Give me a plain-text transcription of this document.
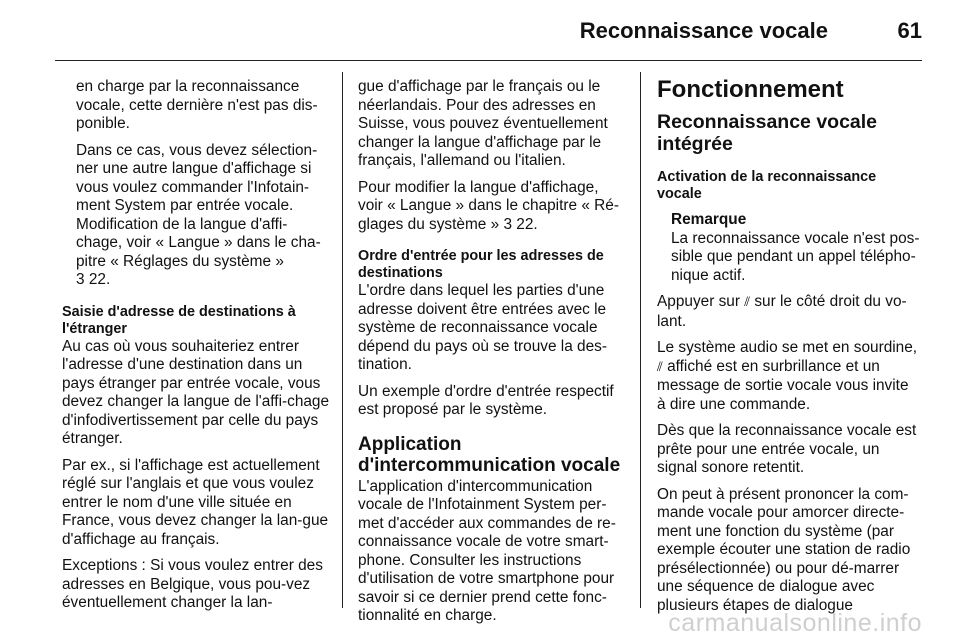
Reconnaissance vocale	61

en charge par la reconnaissance vocale, cette dernière n'est pas dis-ponible.

Dans ce cas, vous devez sélection-ner une autre langue d'affichage si vous voulez commander l'Infotain-ment System par entrée vocale. Modification de la langue d'affi-chage, voir « Langue » dans le cha-pitre « Réglages du système »
3 22.

Saisie d'adresse de destinations à
l'étranger

Au cas où vous souhaiteriez entrer l'adresse d'une destination dans un pays étranger par entrée vocale, vous devez changer la langue de l'affi-chage d'infodivertissement par celle du pays étranger.

Par ex., si l'affichage est actuellement réglé sur l'anglais et que vous voulez entrer le nom d'une ville située en France, vous devez changer la lan-gue d'affichage au français.

Exceptions : Si vous voulez entrer des adresses en Belgique, vous pou-vez éventuellement changer la lan-

gue d'affichage par le français ou le néerlandais. Pour des adresses en Suisse, vous pouvez éventuellement changer la langue d'affichage par le français, l'allemand ou l'italien.

Pour modifier la langue d'affichage, voir « Langue » dans le chapitre « Ré-glages du système » 3 22.

Ordre d'entrée pour les adresses de
destinations

L'ordre dans lequel les parties d'une adresse doivent être entrées avec le système de reconnaissance vocale dépend du pays où se trouve la des-tination.

Un exemple d'ordre d'entrée respectif est proposé par le système.

Application
d'intercommunication vocale

L'application d'intercommunication vocale de l'Infotainment System per-met d'accéder aux commandes de re-connaissance vocale de votre smart-phone. Consulter les instructions d'utilisation de votre smartphone pour savoir si ce dernier prend cette fonc-tionnalité en charge.

Fonctionnement
Reconnaissance vocale
intégrée
Activation de la reconnaissance
vocale
Remarque
La reconnaissance vocale n'est pos-sible que pendant un appel télépho-nique actif.

Appuyer sur ⫽ sur le côté droit du vo-lant.

Le système audio se met en sourdine,
⫽ affiché est en surbrillance et un message de sortie vocale vous invite à dire une commande.

Dès que la reconnaissance vocale est prête pour une entrée vocale, un signal sonore retentit.

On peut à présent prononcer la com-mande vocale pour amorcer directe-ment une fonction du système (par exemple écouter une station de radio présélectionnée) ou pour dé-marrer une séquence de dialogue avec plusieurs étapes de dialogue

carmanualsonline.info
